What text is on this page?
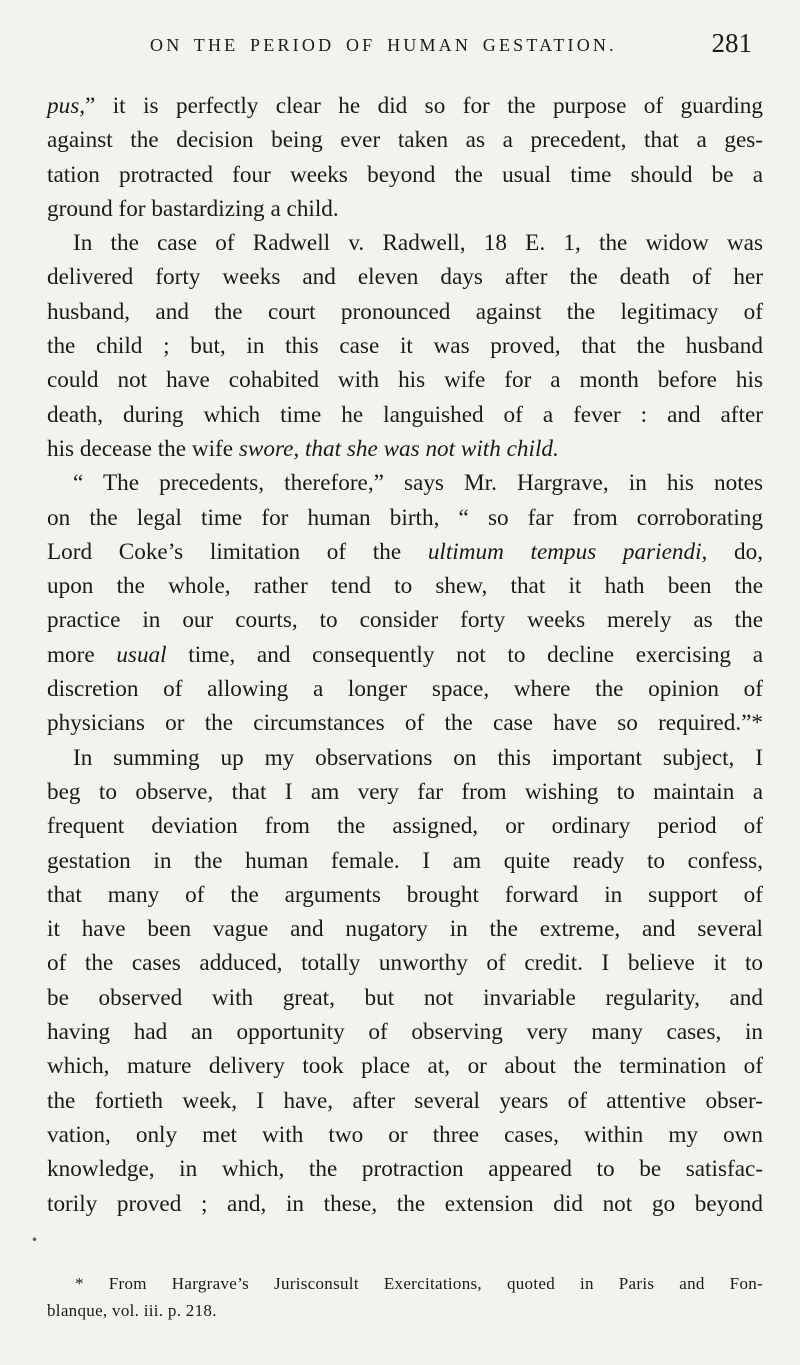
ON THE PERIOD OF HUMAN GESTATION.	281
pus,” it is perfectly clear he did so for the purpose of guarding
against the decision being ever taken as a precedent, that a ges-
tation protracted four weeks beyond the usual time should be a
ground for bastardizing a child.
In the case of Radwell v. Radwell, 18 E. 1, the widow was
delivered forty weeks and eleven days after the death of her
husband, and the court pronounced against the legitimacy of
the child ; but, in this case it was proved, that the husband
could not have cohabited with his wife for a month before his
death, during which time he languished of a fever : and after
his decease the wife swore, that she was not with child.
“ The precedents, therefore,” says Mr. Hargrave, in his notes
on the legal time for human birth, “ so far from corroborating
Lord Coke’s limitation of the ultimum tempus pariendi, do,
upon the whole, rather tend to shew, that it hath been the
practice in our courts, to consider forty weeks merely as the
more usual time, and consequently not to decline exercising a
discretion of allowing a longer space, where the opinion of
physicians or the circumstances of the case have so required.”*
In summing up my observations on this important subject, I
beg to observe, that I am very far from wishing to maintain a
frequent deviation from the assigned, or ordinary period of
gestation in the human female. I am quite ready to confess,
that many of the arguments brought forward in support of
it have been vague and nugatory in the extreme, and several
of the cases adduced, totally unworthy of credit. I believe it to
be observed with great, but not invariable regularity, and
having had an opportunity of observing very many cases, in
which, mature delivery took place at, or about the termination of
the fortieth week, I have, after several years of attentive obser-
vation, only met with two or three cases, within my own
knowledge, in which, the protraction appeared to be satisfac-
torily proved ; and, in these, the extension did not go beyond
•
* From Hargrave’s Jurisconsult Exercitations, quoted in Paris and Fon-
blanque, vol. iii. p. 218.
